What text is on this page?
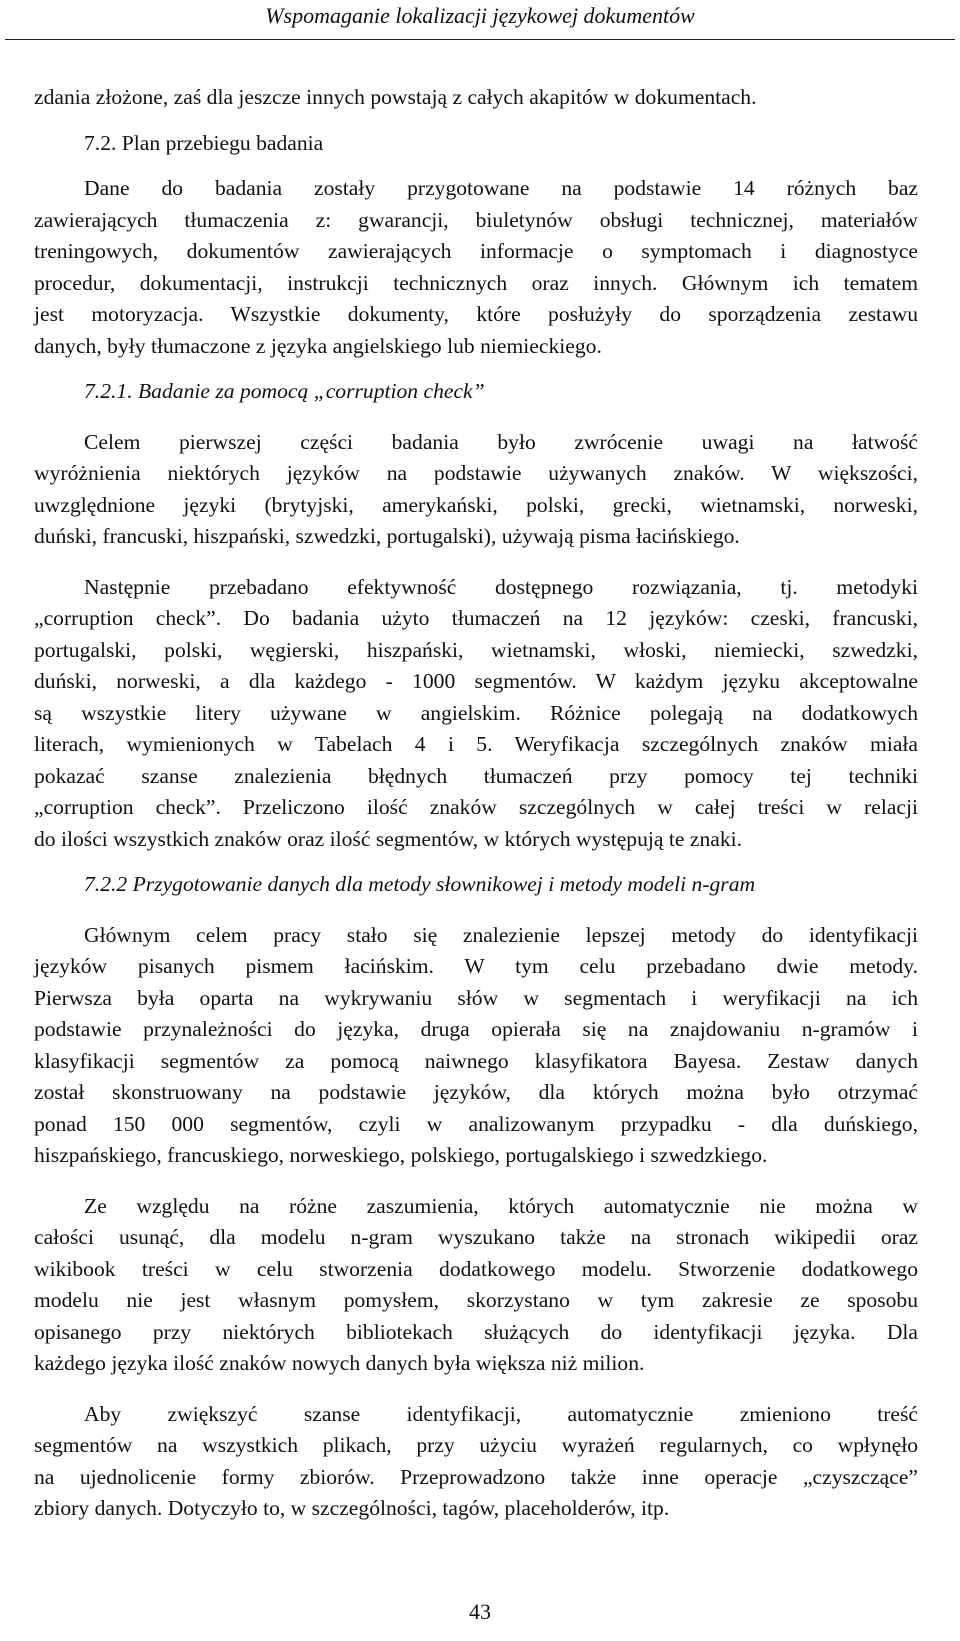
Wspomaganie lokalizacji językowej dokumentów
zdania złożone, zaś dla jeszcze innych powstają z całych akapitów w dokumentach.
7.2. Plan przebiegu badania
Dane do badania zostały przygotowane na podstawie 14 różnych baz
zawierających tłumaczenia z: gwarancji, biuletynów obsługi technicznej, materiałów
treningowych, dokumentów zawierających informacje o symptomach i diagnostyce
procedur, dokumentacji, instrukcji technicznych oraz innych. Głównym ich tematem
jest motoryzacja. Wszystkie dokumenty, które posłużyły do sporządzenia zestawu
danych, były tłumaczone z języka angielskiego lub niemieckiego.
7.2.1. Badanie za pomocą „corruption check”
Celem pierwszej części badania było zwrócenie uwagi na łatwość
wyróżnienia niektórych języków na podstawie używanych znaków. W większości,
uwzględnione języki (brytyjski, amerykański, polski, grecki, wietnamski, norweski,
duński, francuski, hiszpański, szwedzki, portugalski), używają pisma łacińskiego.
Następnie przebadano efektywność dostępnego rozwiązania, tj. metodyki
„corruption check”. Do badania użyto tłumaczeń na 12 języków: czeski, francuski,
portugalski, polski, węgierski, hiszpański, wietnamski, włoski, niemiecki, szwedzki,
duński, norweski, a dla każdego - 1000 segmentów. W każdym języku akceptowalne
są wszystkie litery używane w angielskim. Różnice polegają na dodatkowych
literach, wymienionych w Tabelach 4 i 5. Weryfikacja szczególnych znaków miała
pokazać szanse znalezienia błędnych tłumaczeń przy pomocy tej techniki
„corruption check”. Przeliczono ilość znaków szczególnych w całej treści w relacji
do ilości wszystkich znaków oraz ilość segmentów, w których występują te znaki.
7.2.2 Przygotowanie danych dla metody słownikowej i metody modeli n-gram
Głównym celem pracy stało się znalezienie lepszej metody do identyfikacji
języków pisanych pismem łacińskim. W tym celu przebadano dwie metody.
Pierwsza była oparta na wykrywaniu słów w segmentach i weryfikacji na ich
podstawie przynależności do języka, druga opierała się na znajdowaniu n-gramów i
klasyfikacji segmentów za pomocą naiwnego klasyfikatora Bayesa. Zestaw danych
został skonstruowany na podstawie języków, dla których można było otrzymać
ponad 150 000 segmentów, czyli w analizowanym przypadku - dla duńskiego,
hiszpańskiego, francuskiego, norweskiego, polskiego, portugalskiego i szwedzkiego.
Ze względu na różne zaszumienia, których automatycznie nie można w
całości usunąć, dla modelu n-gram wyszukano także na stronach wikipedii oraz
wikibook treści w celu stworzenia dodatkowego modelu. Stworzenie dodatkowego
modelu nie jest własnym pomysłem, skorzystano w tym zakresie ze sposobu
opisanego przy niektórych bibliotekach służących do identyfikacji języka. Dla
każdego języka ilość znaków nowych danych była większa niż milion.
Aby zwiększyć szanse identyfikacji, automatycznie zmieniono treść
segmentów na wszystkich plikach, przy użyciu wyrażeń regularnych, co wpłynęło
na ujednolicenie formy zbiorów. Przeprowadzono także inne operacje „czyszczące”
zbiory danych. Dotyczyło to, w szczególności, tagów, placeholderów, itp.
43
